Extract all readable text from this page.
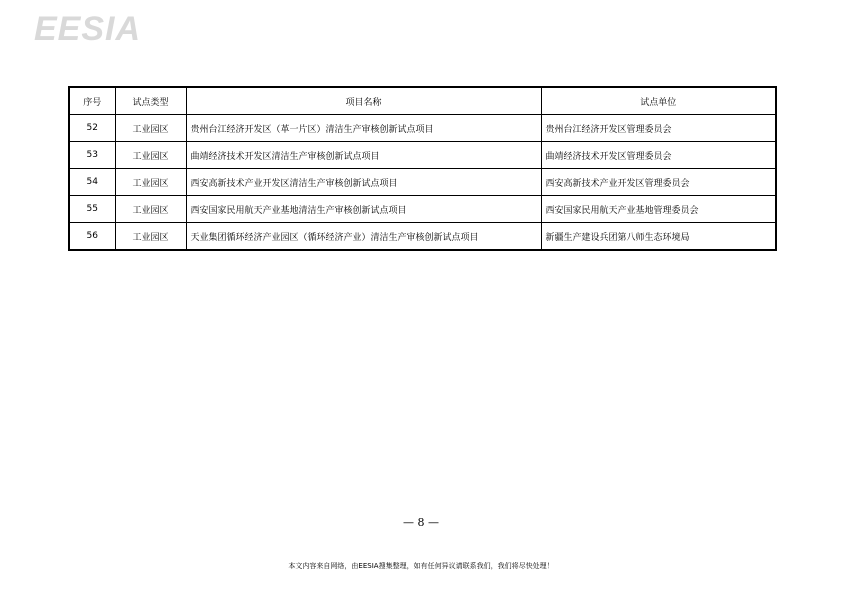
EESIA
序号	试点类型	项目名称	试点单位
52	工业园区	贵州台江经济开发区（革一片区）清洁生产审核创新试点项目	贵州台江经济开发区管理委员会
53	工业园区	曲靖经济技术开发区清洁生产审核创新试点项目	曲靖经济技术开发区管理委员会
54	工业园区	西安高新技术产业开发区清洁生产审核创新试点项目	西安高新技术产业开发区管理委员会
55	工业园区	西安国家民用航天产业基地清洁生产审核创新试点项目	西安国家民用航天产业基地管理委员会
56	工业园区	天业集团循环经济产业园区（循环经济产业）清洁生产审核创新试点项目	新疆生产建设兵团第八师生态环境局
— 8 —
本文内容来自网络，由EESIA搜集整理，如有任何异议请联系我们，我们将尽快处理！
